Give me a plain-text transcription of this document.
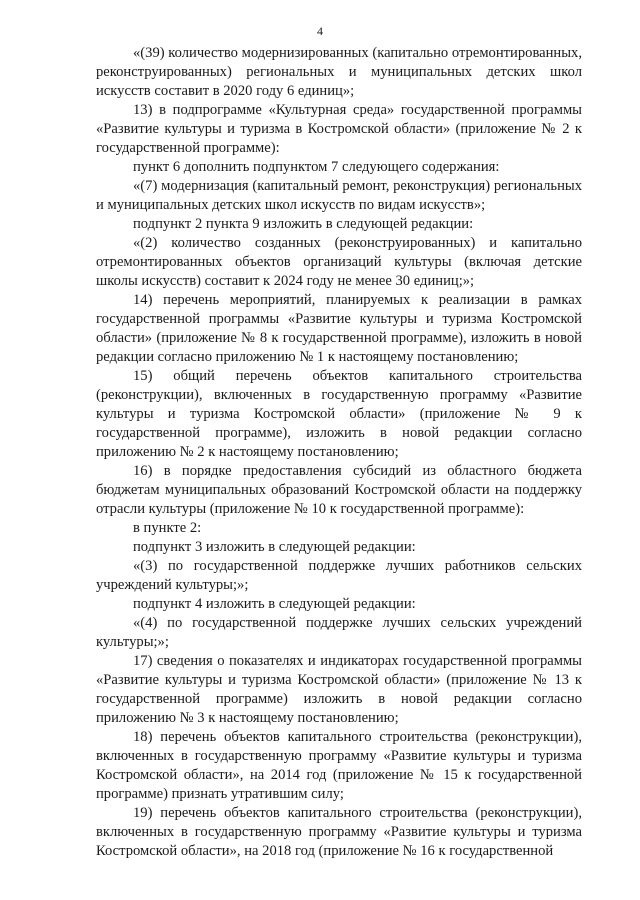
4

«(39) количество модернизированных (капитально отремонтированных, реконструированных) региональных и муниципальных детских школ искусств составит в 2020 году 6 единиц»;

13) в подпрограмме «Культурная среда» государственной программы «Развитие культуры и туризма в Костромской области» (приложение № 2 к государственной программе):

пункт 6 дополнить подпунктом 7 следующего содержания:

«(7) модернизация (капитальный ремонт, реконструкция) региональных и муниципальных детских школ искусств по видам искусств»;

подпункт 2 пункта 9 изложить в следующей редакции:

«(2) количество созданных (реконструированных) и капитально отремонтированных объектов организаций культуры (включая детские школы искусств) составит к 2024 году не менее 30 единиц;»;

14) перечень мероприятий, планируемых к реализации в рамках государственной программы «Развитие культуры и туризма Костромской области» (приложение № 8 к государственной программе), изложить в новой редакции согласно приложению № 1 к настоящему постановлению;

15) общий перечень объектов капитального строительства (реконструкции), включенных в государственную программу «Развитие культуры и туризма Костромской области» (приложение № 9 к государственной программе), изложить в новой редакции согласно приложению № 2 к настоящему постановлению;

16) в порядке предоставления субсидий из областного бюджета бюджетам муниципальных образований Костромской области на поддержку отрасли культуры (приложение № 10 к государственной программе):

в пункте 2:

подпункт 3 изложить в следующей редакции:

«(3) по государственной поддержке лучших работников сельских учреждений культуры;»;

подпункт 4 изложить в следующей редакции:

«(4) по государственной поддержке лучших сельских учреждений культуры;»;

17) сведения о показателях и индикаторах государственной программы «Развитие культуры и туризма Костромской области» (приложение № 13 к государственной программе) изложить в новой редакции согласно приложению № 3 к настоящему постановлению;

18) перечень объектов капитального строительства (реконструкции), включенных в государственную программу «Развитие культуры и туризма Костромской области», на 2014 год (приложение № 15 к государственной программе) признать утратившим силу;

19) перечень объектов капитального строительства (реконструкции), включенных в государственную программу «Развитие культуры и туризма Костромской области», на 2018 год (приложение № 16 к государственной
